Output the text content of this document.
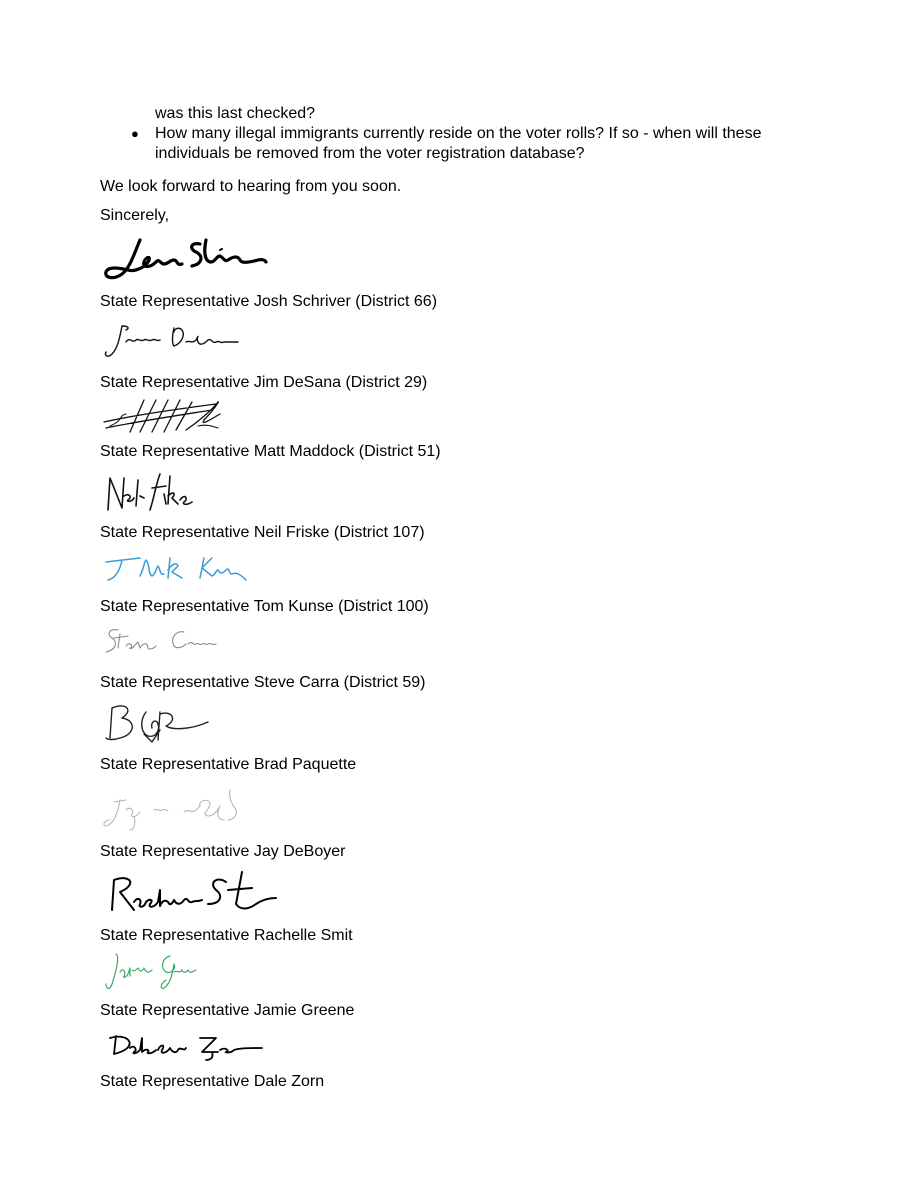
was this last checked?

● How many illegal immigrants currently reside on the voter rolls? If so - when will these

individuals be removed from the voter registration database?

We look forward to hearing from you soon.

Sincerely,

State Representative Josh Schriver (District 66)

State Representative Jim DeSana (District 29)

State Representative Matt Maddock (District 51)

State Representative Neil Friske (District 107)

State Representative Tom Kunse (District 100)

State Representative Steve Carra (District 59)

State Representative Brad Paquette

State Representative Jay DeBoyer

State Representative Rachelle Smit

State Representative Jamie Greene

State Representative Dale Zorn
